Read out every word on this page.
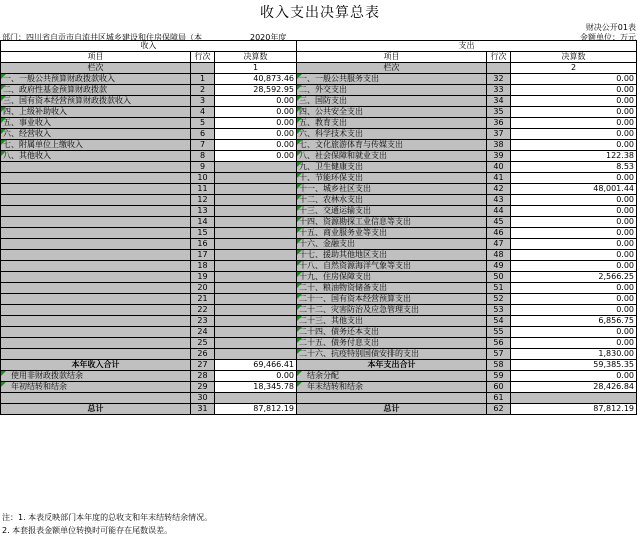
收入支出决算总表
财决公开01表
部门：四川省自贡市自流井区城乡建设和住房保障局（本	2020年度	金额单位：万元
收入			支出		
项目	行次	决算数	项目	行次	决算数
栏次		1	栏次		2
一、一般公共预算财政拨款收入	1	40,873.46	一、一般公共服务支出	32	0.00
二、政府性基金预算财政拨款	2	28,592.95	二、外交支出	33	0.00
三、国有资本经营预算财政拨款收入	3	0.00	三、国防支出	34	0.00
四、上级补助收入	4	0.00	四、公共安全支出	35	0.00
五、事业收入	5	0.00	五、教育支出	36	0.00
六、经营收入	6	0.00	六、科学技术支出	37	0.00
七、附属单位上缴收入	7	0.00	七、文化旅游体育与传媒支出	38	0.00
八、其他收入	8	0.00	八、社会保障和就业支出	39	122.38
	9		九、卫生健康支出	40	8.53
	10		十、节能环保支出	41	0.00
	11		十一、城乡社区支出	42	48,001.44
	12		十二、农林水支出	43	0.00
	13		十三、交通运输支出	44	0.00
	14		十四、资源勘探工业信息等支出	45	0.00
	15		十五、商业服务业等支出	46	0.00
	16		十六、金融支出	47	0.00
	17		十七、援助其他地区支出	48	0.00
	18		十八、自然资源海洋气象等支出	49	0.00
	19		十九、住房保障支出	50	2,566.25
	20		二十、粮油物资储备支出	51	0.00
	21		二十一、国有资本经营预算支出	52	0.00
	22		二十二、灾害防治及应急管理支出	53	0.00
	23		二十三、其他支出	54	6,856.75
	24		二十四、债务还本支出	55	0.00
	25		二十五、债务付息支出	56	0.00
	26		二十六、抗疫特别国债安排的支出	57	1,830.00
本年收入合计	27	69,466.41	本年支出合计	58	59,385.35
使用非财政拨款结余	28	0.00	结余分配	59	0.00
年初结转和结余	29	18,345.78	年末结转和结余	60	28,426.84
	30			61	
总计	31	87,812.19	总计	62	87,812.19
注：1. 本表反映部门本年度的总收支和年末结转结余情况。
2. 本套报表金额单位转换时可能存在尾数误差。
